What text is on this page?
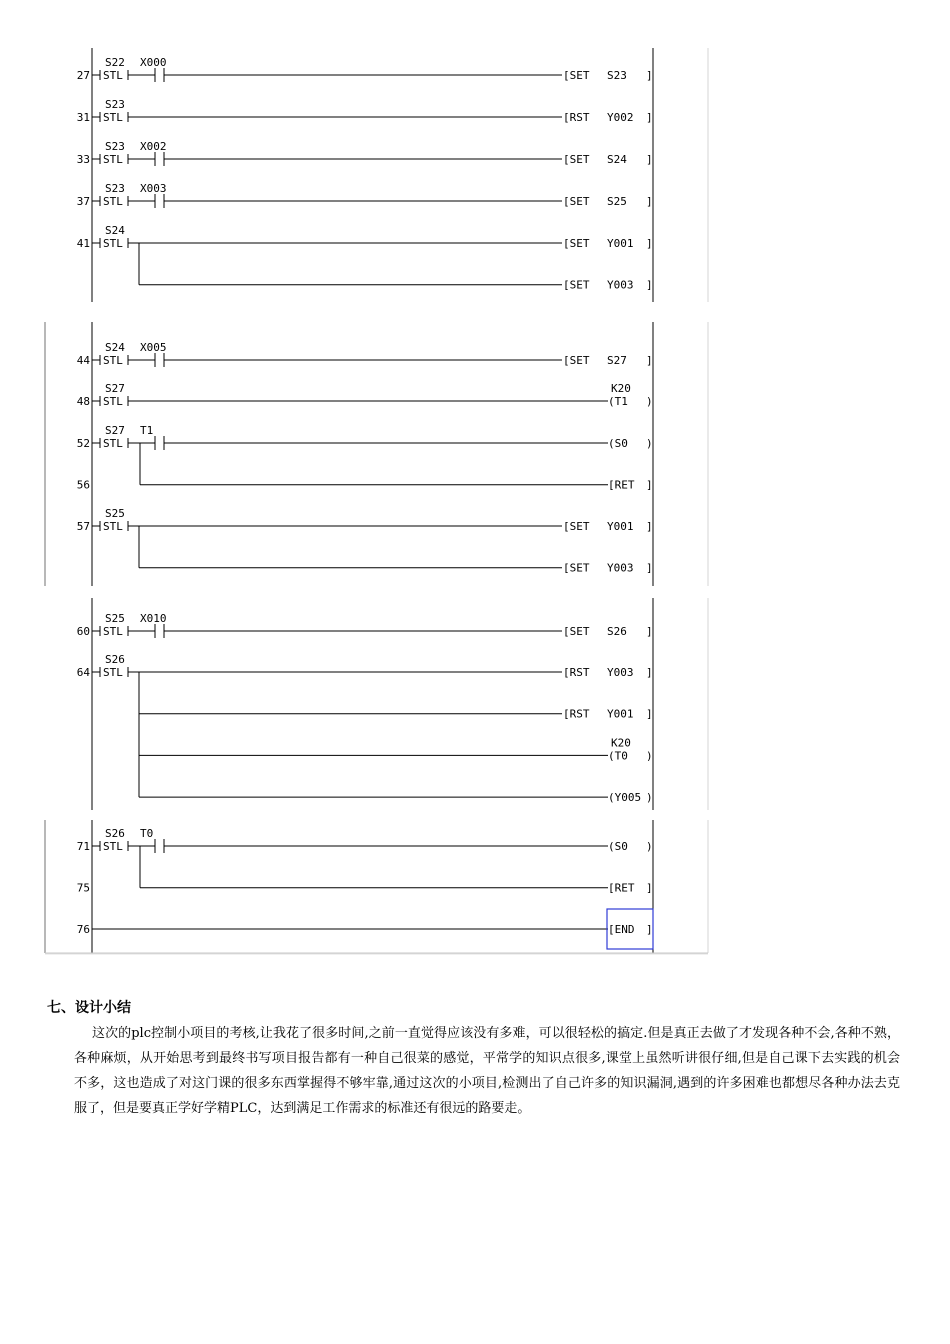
27 STL
S22 X000
[SET S23 ]
31 STL
S23
[RST Y002 ]
33 STL
S23 X002
[SET S24 ]
37 STL
S23 X003
[SET S25 ]
41 STL
S24
[SET Y001 ]
[SET Y003 ]
44 STL
S24 X005
[SET S27 ]
48 STL
S27
(T1 )
K20
52 STL
S27 T1
(S0 )
56	[RET ]
57 STL
S25
[SET Y001 ]
[SET Y003 ]
60 STL
S25 X010
[SET S26 ]
64 STL
S26
[RST Y003 ]
[RST Y001 ]
(T0 )
K20
(Y005 )
71 STL
S26 T0
(S0 )
75	[RET ]
76	[END ]
七、设计小结

这次的plc控制小项目的考核,让我花了很多时间,之前一直觉得应该没有多难，可以很轻松的搞定.但是真正去做了才发现各种不会,各种不熟，各种麻烦，从开始思考到最终书写项目报告都有一种自己很菜的感觉，平常学的知识点很多,课堂上虽然听讲很仔细,但是自己课下去实践的机会不多，这也造成了对这门课的很多东西掌握得不够牢靠,通过这次的小项目,检测出了自己许多的知识漏洞,遇到的许多困难也都想尽各种办法去克服了，但是要真正学好学精PLC，达到满足工作需求的标准还有很远的路要走。
